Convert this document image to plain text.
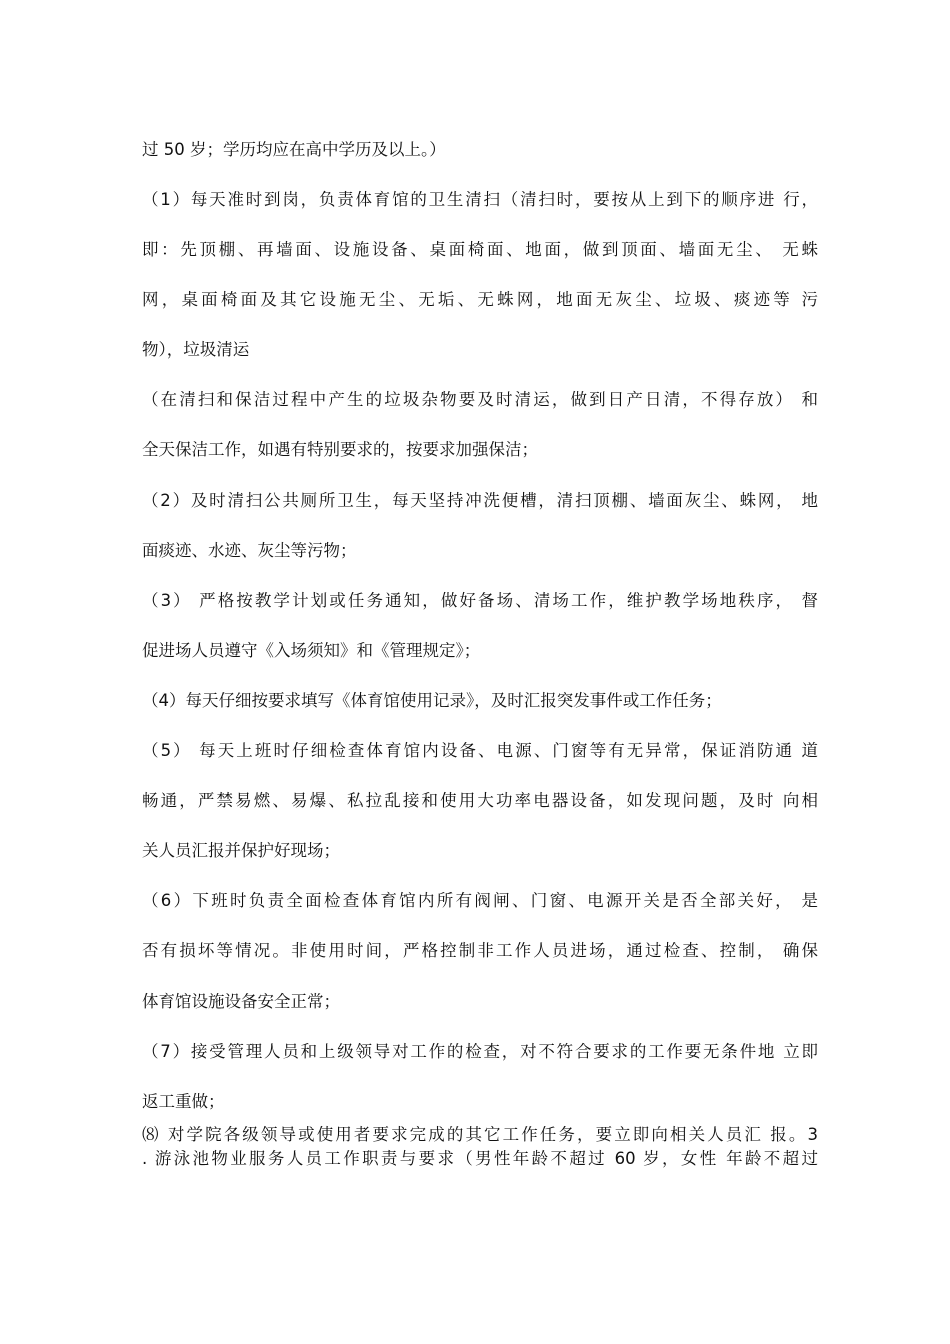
过 50 岁；学历均应在高中学历及以上。）
（1）每天准时到岗，负责体育馆的卫生清扫（清扫时，要按从上到下的顺序进 行，
即：先顶棚、再墙面、设施设备、桌面椅面、地面，做到顶面、墙面无尘、 无蛛
网，桌面椅面及其它设施无尘、无垢、无蛛网，地面无灰尘、垃圾、痰迹等 污
物），垃圾清运
（在清扫和保洁过程中产生的垃圾杂物要及时清运，做到日产日清，不得存放） 和
全天保洁工作，如遇有特别要求的，按要求加强保洁；
（2）及时清扫公共厕所卫生，每天坚持冲洗便槽，清扫顶棚、墙面灰尘、蛛网， 地
面痰迹、水迹、灰尘等污物；
（3） 严格按教学计划或任务通知，做好备场、清场工作，维护教学场地秩序， 督
促进场人员遵守《入场须知》和《管理规定》；
（4）每天仔细按要求填写《体育馆使用记录》，及时汇报突发事件或工作任务；
（5） 每天上班时仔细检查体育馆内设备、电源、门窗等有无异常，保证消防通 道
畅通，严禁易燃、易爆、私拉乱接和使用大功率电器设备，如发现问题，及时 向相
关人员汇报并保护好现场；
（6）下班时负责全面检查体育馆内所有阀闸、门窗、电源开关是否全部关好， 是
否有损坏等情况。非使用时间，严格控制非工作人员进场，通过检查、控制， 确保
体育馆设施设备安全正常；
（7）接受管理人员和上级领导对工作的检查，对不符合要求的工作要无条件地 立即
返工重做；
⑻ 对学院各级领导或使用者要求完成的其它工作任务，要立即向相关人员汇 报。3
. 游泳池物业服务人员工作职责与要求（男性年龄不超过 60 岁，女性 年龄不超过
